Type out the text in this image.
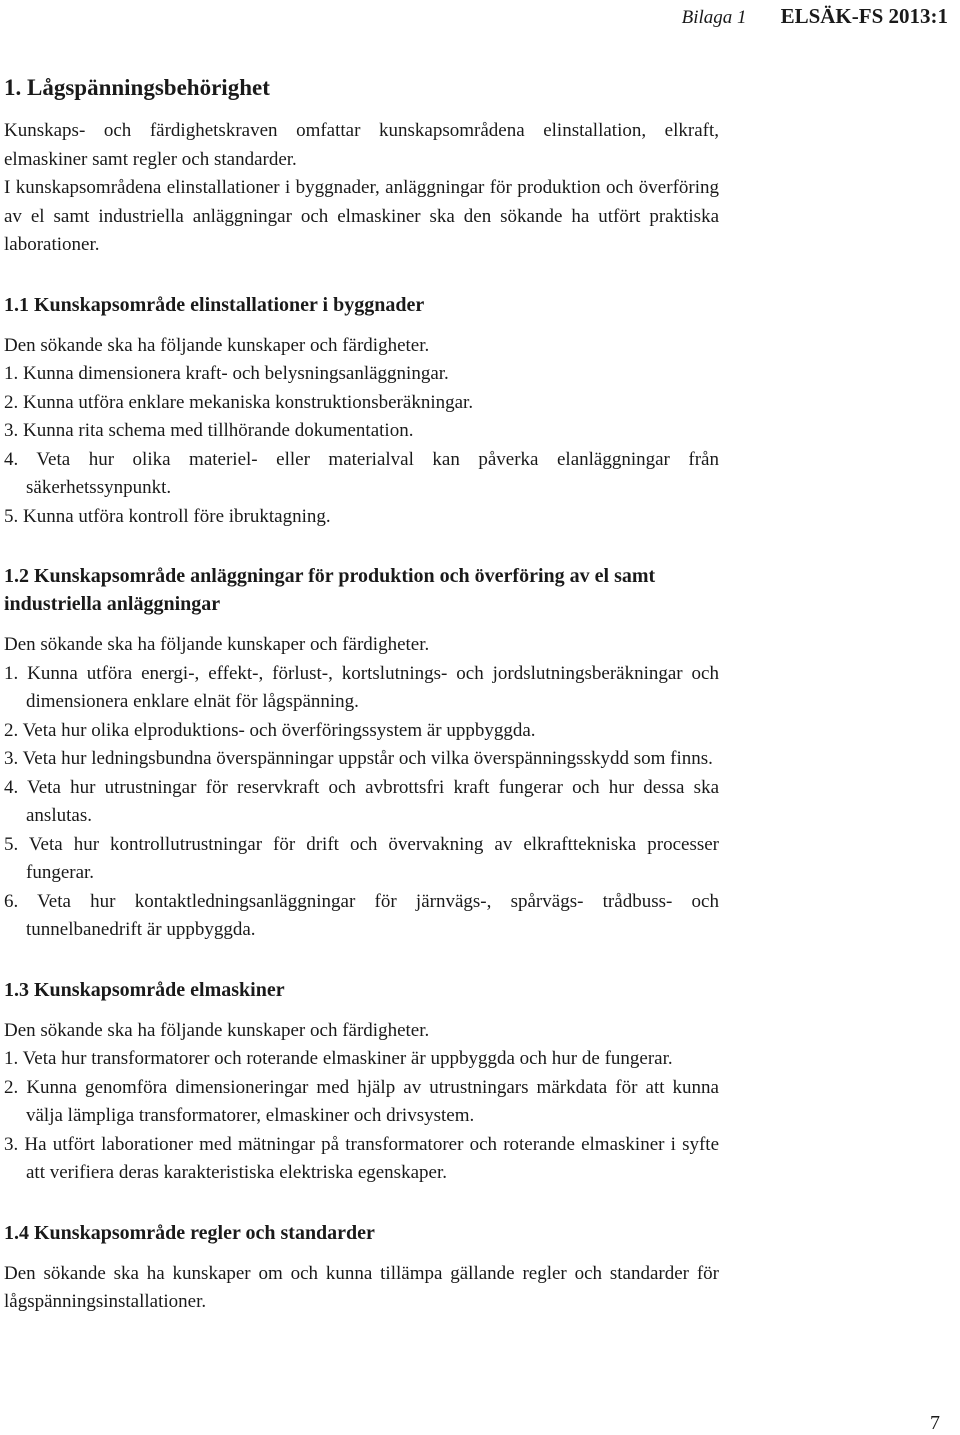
Bilaga 1 ELSÄK-FS 2013:1
1. Lågspänningsbehörighet

Kunskaps- och färdighetskraven omfattar kunskapsområdena elinstallation, elkraft, elmaskiner samt regler och standarder.

I kunskapsområdena elinstallationer i byggnader, anläggningar för produktion och överföring av el samt industriella anläggningar och elmaskiner ska den sökande ha utfört praktiska laborationer.

1.1 Kunskapsområde elinstallationer i byggnader

Den sökande ska ha följande kunskaper och färdigheter.

1. Kunna dimensionera kraft- och belysningsanläggningar.
2. Kunna utföra enklare mekaniska konstruktionsberäkningar.
3. Kunna rita schema med tillhörande dokumentation.
4. Veta hur olika materiel- eller materialval kan påverka elanläggningar från säkerhetssynpunkt.
5. Kunna utföra kontroll före ibruktagning.
1.2 Kunskapsområde anläggningar för produktion och överföring av el samt industriella anläggningar

Den sökande ska ha följande kunskaper och färdigheter.

1. Kunna utföra energi-, effekt-, förlust-, kortslutnings- och jordslutningsberäkningar och dimensionera enklare elnät för lågspänning.
2. Veta hur olika elproduktions- och överföringssystem är uppbyggda.
3. Veta hur ledningsbundna överspänningar uppstår och vilka överspänningsskydd som finns.
4. Veta hur utrustningar för reservkraft och avbrottsfri kraft fungerar och hur dessa ska anslutas.
5. Veta hur kontrollutrustningar för drift och övervakning av elkrafttekniska processer fungerar.
6. Veta hur kontaktledningsanläggningar för järnvägs-, spårvägs- trådbuss- och tunnelbanedrift är uppbyggda.
1.3 Kunskapsområde elmaskiner

Den sökande ska ha följande kunskaper och färdigheter.

1. Veta hur transformatorer och roterande elmaskiner är uppbyggda och hur de fungerar.
2. Kunna genomföra dimensioneringar med hjälp av utrustningars märkdata för att kunna välja lämpliga transformatorer, elmaskiner och drivsystem.
3. Ha utfört laborationer med mätningar på transformatorer och roterande elmaskiner i syfte att verifiera deras karakteristiska elektriska egenskaper.
1.4 Kunskapsområde regler och standarder

Den sökande ska ha kunskaper om och kunna tillämpa gällande regler och standarder för lågspänningsinstallationer.

7
